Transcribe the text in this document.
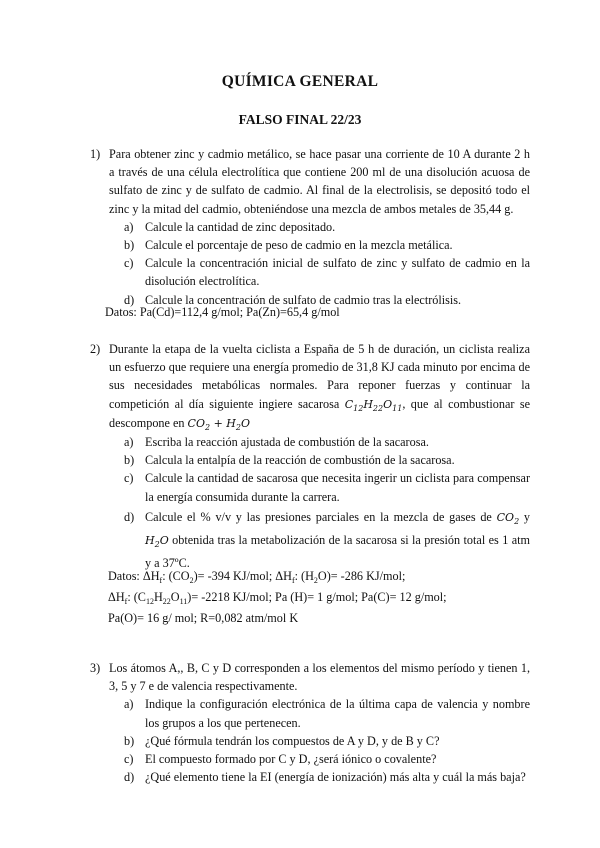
QUÍMICA GENERAL
FALSO FINAL 22/23
1) Para obtener zinc y cadmio metálico, se hace pasar una corriente de 10 A durante 2 h a través de una célula electrolítica que contiene 200 ml de una disolución acuosa de sulfato de zinc y de sulfato de cadmio. Al final de la electrolisis, se depositó todo el zinc y la mitad del cadmio, obteniéndose una mezcla de ambos metales de 35,44 g.
a) Calcule la cantidad de zinc depositado.
b) Calcule el porcentaje de peso de cadmio en la mezcla metálica.
c) Calcule la concentración inicial de sulfato de zinc y sulfato de cadmio en la disolución electrolítica.
d) Calcule la concentración de sulfato de cadmio tras la electrólisis.
Datos: Pa(Cd)=112,4 g/mol; Pa(Zn)=65,4 g/mol
2) Durante la etapa de la vuelta ciclista a España de 5 h de duración, un ciclista realiza un esfuerzo que requiere una energía promedio de 31,8 KJ cada minuto por encima de sus necesidades metabólicas normales. Para reponer fuerzas y continuar la competición al día siguiente ingiere sacarosa $C_{12}H_{22}O_{11}$, que al combustionar se descompone en $CO_2 + H_2O$
a) Escriba la reacción ajustada de combustión de la sacarosa.
b) Calcula la entalpía de la reacción de combustión de la sacarosa.
c) Calcule la cantidad de sacarosa que necesita ingerir un ciclista para compensar la energía consumida durante la carrera.
d) Calcule el % v/v y las presiones parciales en la mezcla de gases de $CO_2$ y $H_2O$ obtenida tras la metabolización de la sacarosa si la presión total es 1 atm y a 37ºC.
Datos: $\Delta H_f$: $(CO_2)= -394$ KJ/mol; $\Delta H_f$: $(H_2O)= -286$ KJ/mol;
$\Delta H_f$: $(C_{12}H_{22}O_{11})= -2218$ KJ/mol; Pa (H)= 1 g/mol; Pa(C)= 12 g/mol;
Pa(O)= 16 g/ mol; R=0,082 atm/mol K
3) Los átomos A,, B, C y D corresponden a los elementos del mismo período y tienen 1, 3, 5 y 7 e de valencia respectivamente.
a) Indique la configuración electrónica de la última capa de valencia y nombre los grupos a los que pertenecen.
b) ¿Qué fórmula tendrán los compuestos de A y D, y de B y C?
c) El compuesto formado por C y D, ¿será iónico o covalente?
d) ¿Qué elemento tiene la EI (energía de ionización) más alta y cuál la más baja?
